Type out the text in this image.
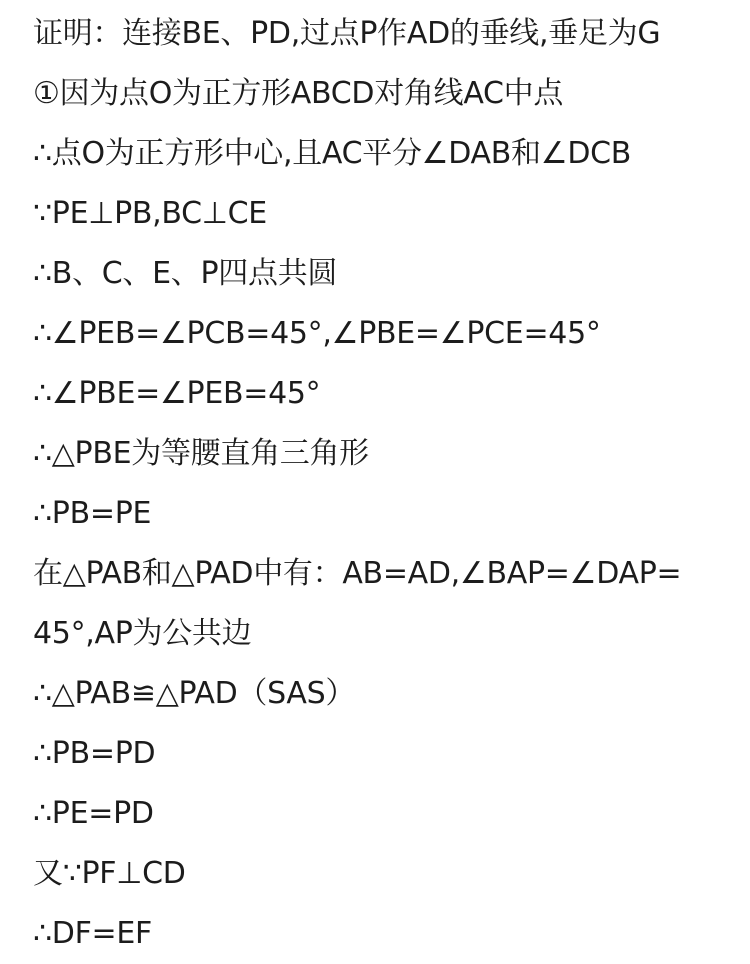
证明：连接BE、PD,过点P作AD的垂线,垂足为G
①因为点O为正方形ABCD对角线AC中点
∴点O为正方形中心,且AC平分∠DAB和∠DCB
∵PE⊥PB,BC⊥CE
∴B、C、E、P四点共圆
∴∠PEB=∠PCB=45°,∠PBE=∠PCE=45°
∴∠PBE=∠PEB=45°
∴△PBE为等腰直角三角形
∴PB=PE
在△PAB和△PAD中有：AB=AD,∠BAP=∠DAP=
45°,AP为公共边
∴△PAB≌△PAD（SAS）
∴PB=PD
∴PE=PD
又∵PF⊥CD
∴DF=EF
